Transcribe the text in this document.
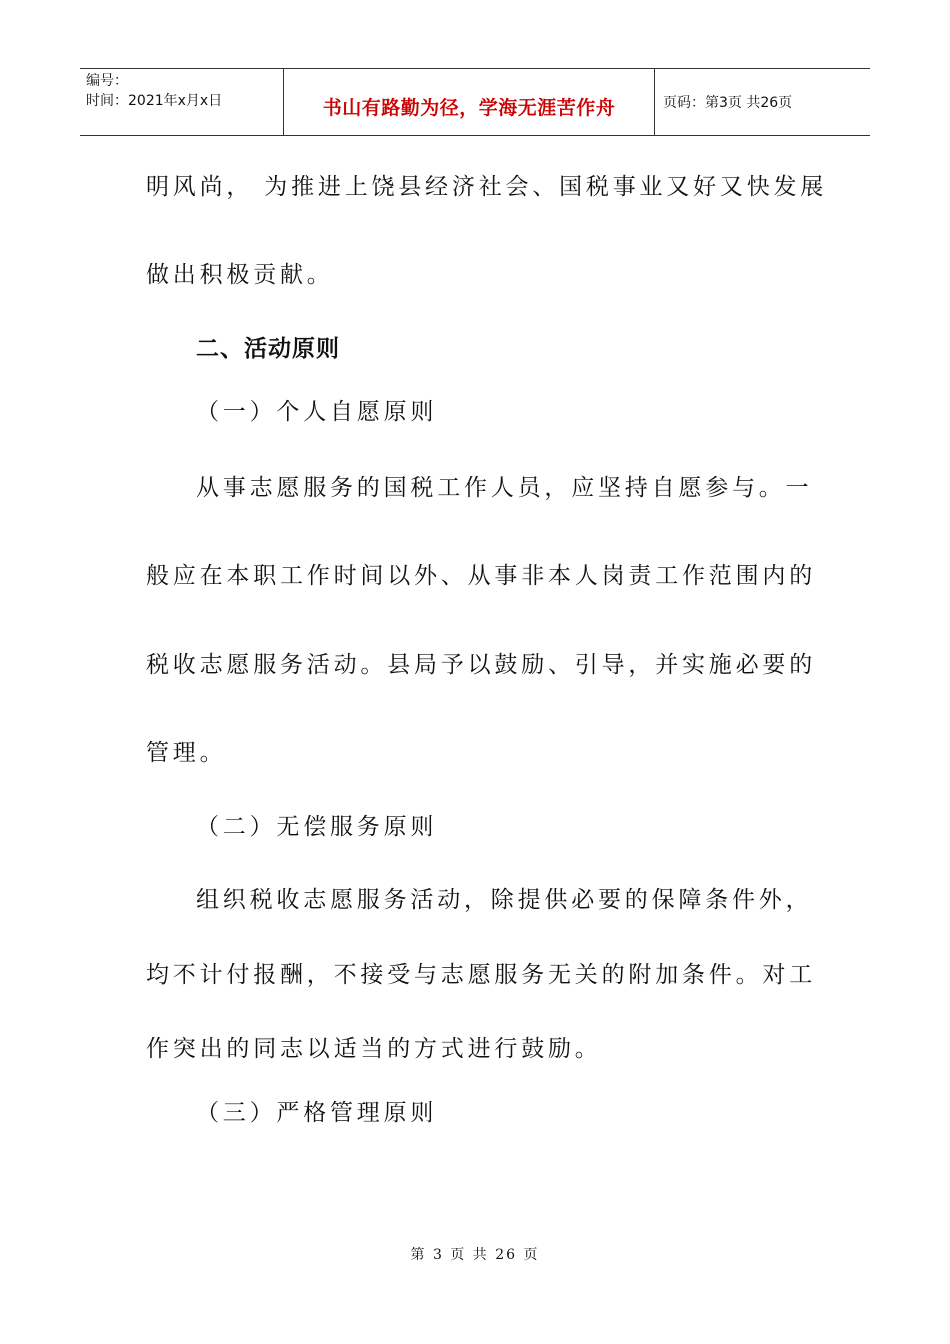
编号：
时间：2021年x月x日	书山有路勤为径，学海无涯苦作舟	页码：第3页 共26页
明风尚， 为推进上饶县经济社会、国税事业又好又快发展
做出积极贡献。
二、活动原则
（一）个人自愿原则
从事志愿服务的国税工作人员，应坚持自愿参与。一
般应在本职工作时间以外、从事非本人岗责工作范围内的
税收志愿服务活动。县局予以鼓励、引导，并实施必要的
管理。
（二）无偿服务原则
组织税收志愿服务活动，除提供必要的保障条件外，
均不计付报酬，不接受与志愿服务无关的附加条件。对工
作突出的同志以适当的方式进行鼓励。
（三）严格管理原则
第 3 页 共 26 页
